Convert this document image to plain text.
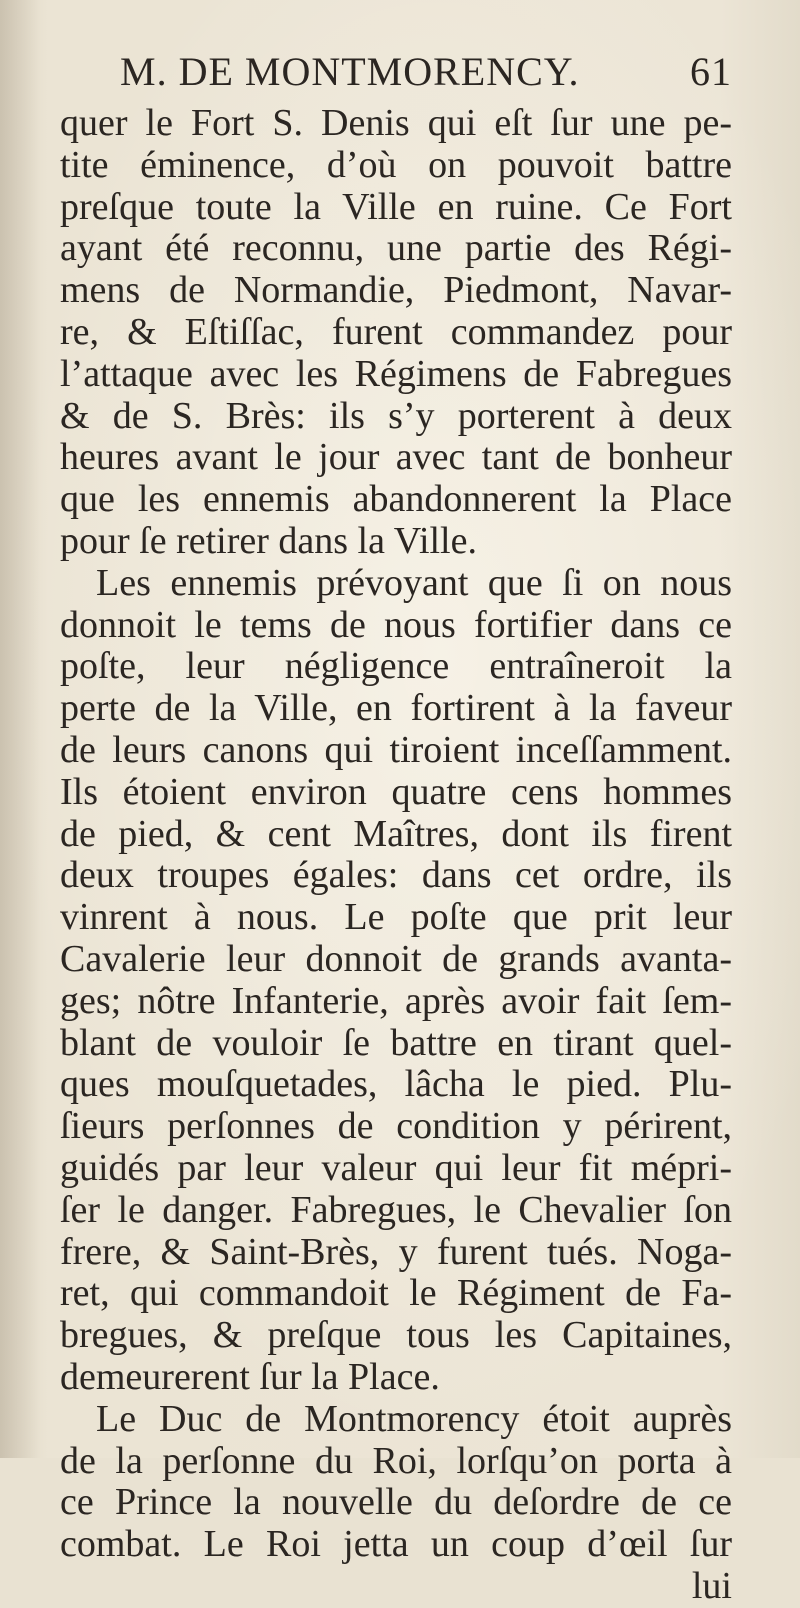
M. DE MONTMORENCY.	61
quer le Fort S. Denis qui eſt ſur une pe-
tite éminence, d’où on pouvoit battre
preſque toute la Ville en ruine. Ce Fort
ayant été reconnu, une partie des Régi-
mens de Normandie, Piedmont, Navar-
re, & Eſtiſſac, furent commandez pour
l’attaque avec les Régimens de Fabregues
& de S. Brès: ils s’y porterent à deux
heures avant le jour avec tant de bonheur
que les ennemis abandonnerent la Place
pour ſe retirer dans la Ville.
Les ennemis prévoyant que ſi on nous
donnoit le tems de nous fortifier dans ce
poſte, leur négligence entraîneroit la
perte de la Ville, en fortirent à la faveur
de leurs canons qui tiroient inceſſamment.
Ils étoient environ quatre cens hommes
de pied, & cent Maîtres, dont ils firent
deux troupes égales: dans cet ordre, ils
vinrent à nous. Le poſte que prit leur
Cavalerie leur donnoit de grands avanta-
ges; nôtre Infanterie, après avoir fait ſem-
blant de vouloir ſe battre en tirant quel-
ques mouſquetades, lâcha le pied. Plu-
ſieurs perſonnes de condition y périrent,
guidés par leur valeur qui leur fit mépri-
ſer le danger. Fabregues, le Chevalier ſon
frere, & Saint-Brès, y furent tués. Noga-
ret, qui commandoit le Régiment de Fa-
bregues, & preſque tous les Capitaines,
demeurerent ſur la Place.
Le Duc de Montmorency étoit auprès
de la perſonne du Roi, lorſqu’on porta à
ce Prince la nouvelle du deſordre de ce
combat. Le Roi jetta un coup d’œil ſur
lui
